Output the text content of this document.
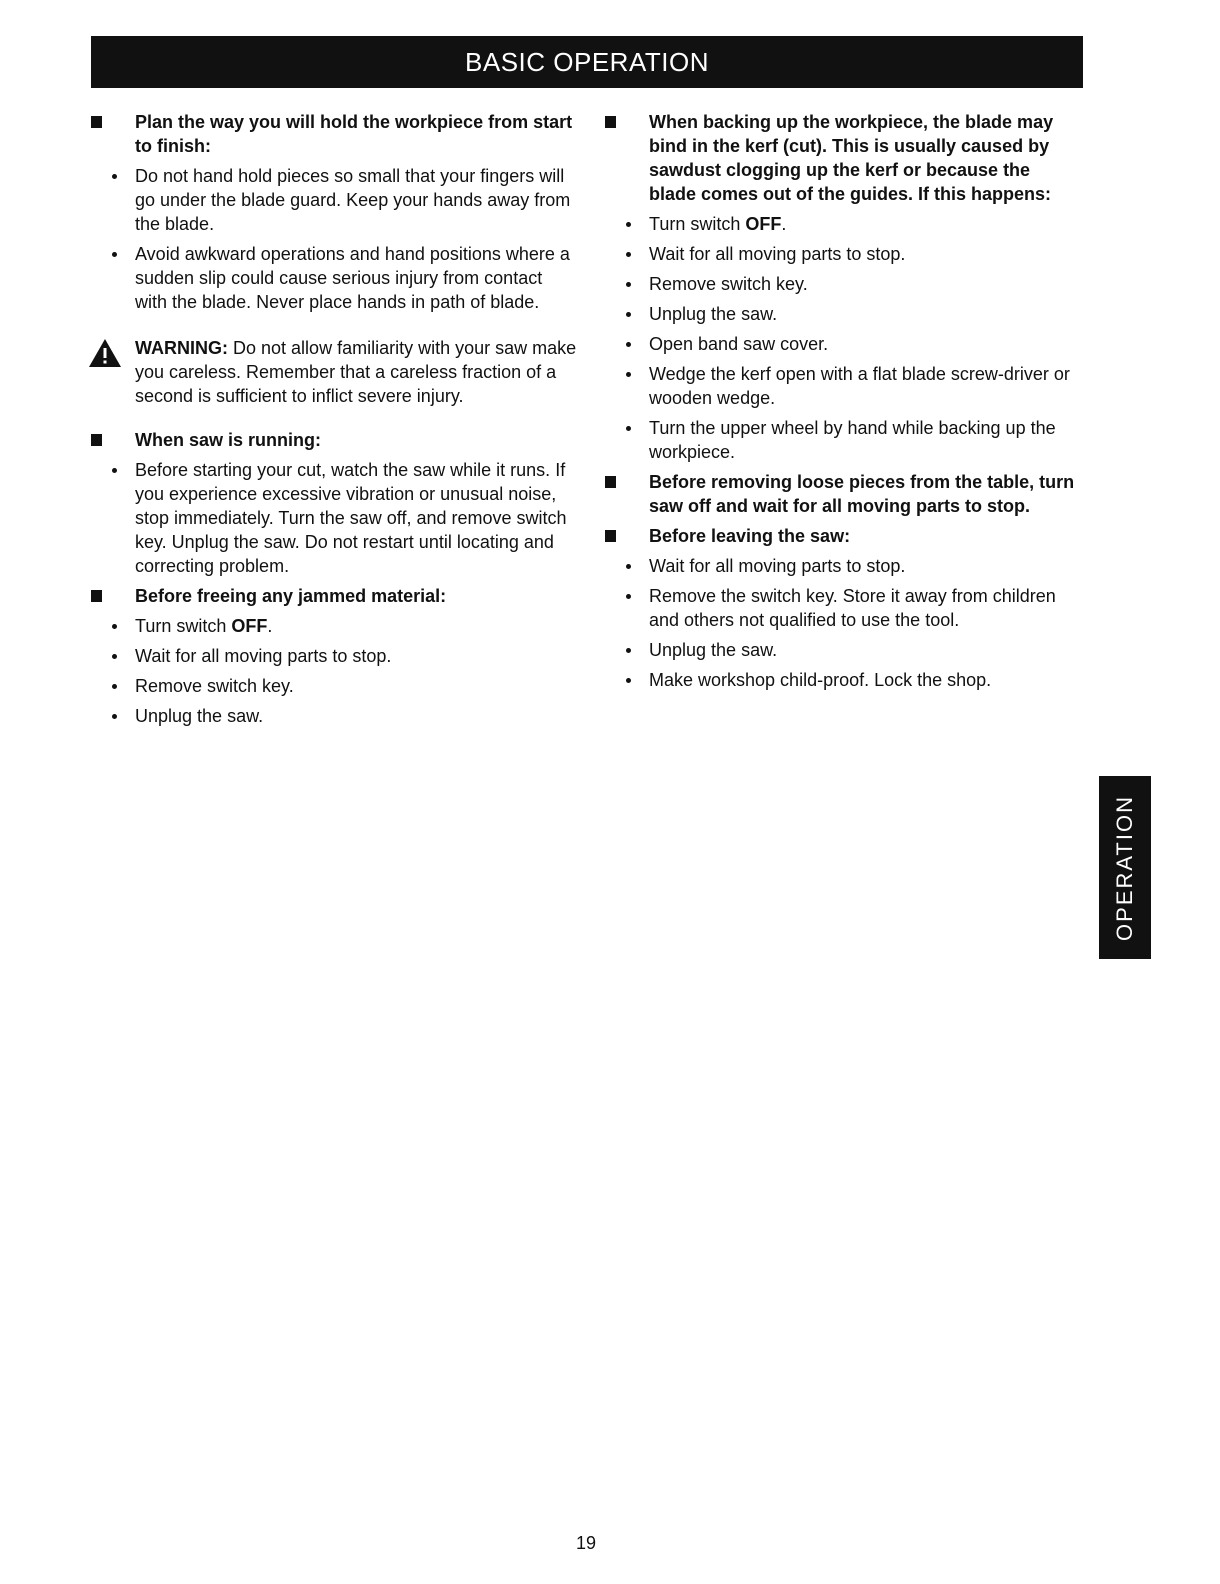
BASIC OPERATION
Plan the way you will hold the workpiece from start to finish:
Do not hand hold pieces so small that your fingers will go under the blade guard. Keep your hands away from the blade.
Avoid awkward operations and hand positions where a sudden slip could cause serious injury from contact with the blade. Never place hands in path of blade.
WARNING: Do not allow familiarity with your saw make you careless. Remember that a careless fraction of a second is sufficient to inflict severe injury.
When saw is running:
Before starting your cut, watch the saw while it runs. If you experience excessive vibration or unusual noise, stop immediately. Turn the saw off, and remove switch key. Unplug the saw. Do not restart until locating and correcting problem.
Before freeing any jammed material:
Turn switch OFF.
Wait for all moving parts to stop.
Remove switch key.
Unplug the saw.
When backing up the workpiece, the blade may bind in the kerf (cut). This is usually caused by sawdust clogging up the kerf or because the blade comes out of the guides. If this happens:
Turn switch OFF.
Wait for all moving parts to stop.
Remove switch key.
Unplug the saw.
Open band saw cover.
Wedge the kerf open with a flat blade screw-driver or wooden wedge.
Turn the upper wheel by hand while backing up the workpiece.
Before removing loose pieces from the table, turn saw off and wait for all moving parts to stop.
Before leaving the saw:
Wait for all moving parts to stop.
Remove the switch key. Store it away from children and others not qualified to use the tool.
Unplug the saw.
Make workshop child-proof. Lock the shop.
OPERATION
19
